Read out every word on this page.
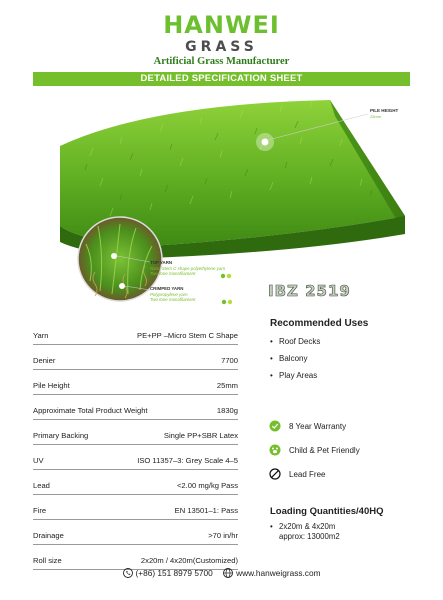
HANWEI
GRASS
Artificial Grass Manufacturer
DETAILED SPECIFICATION SHEET
PILE HEIGHT
25mm
TOP YARN
Nano Stem C shape polyethylene yarn
Two tone monofilament
CRIMPED YARN
Polypropylene yarn
Two tone monofilament	IBZ 2519
Yarn	PE+PP –Micro Stem C Shape
Denier	7700
Pile Height	25mm
Approximate Total Product Weight	1830g
Primary Backing	Single PP+SBR Latex
UV	ISO 11357–3: Grey Scale 4–5
Lead	<2.00 mg/kg Pass
Fire	EN 13501–1: Pass
Drainage	>70 in/hr
Roll size	2x20m / 4x20m(Customized)
Recommended Uses
• Roof Decks
• Balcony
• Play Areas
8 Year Warranty
Child & Pet Friendly
Lead Free
Loading Quantities/40HQ
• 2x20m & 4x20m
approx: 13000m2
(+86) 151 8979 5700
	www.hanweigrass.com
